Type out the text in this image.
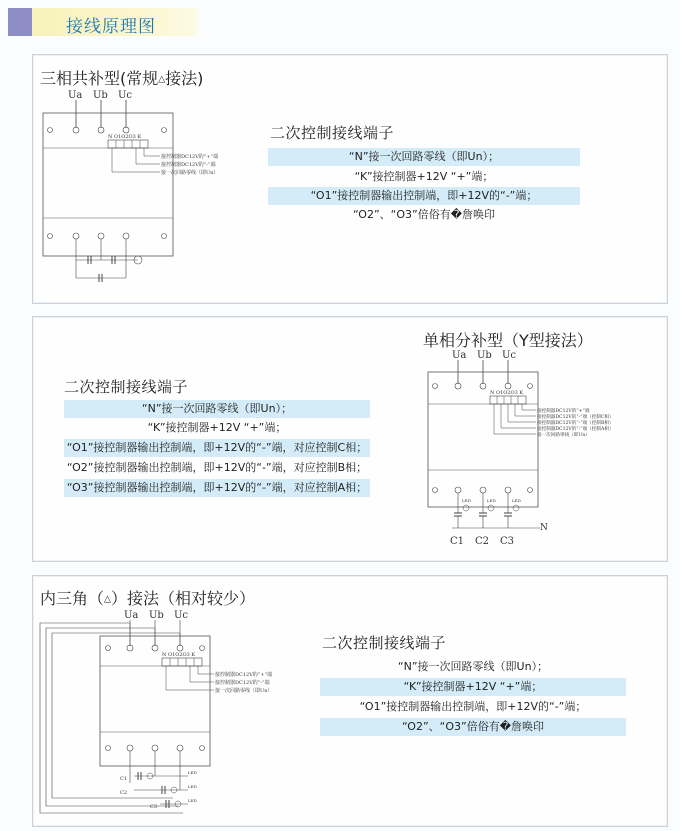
接线原理图
三相共补型(常规△接法)
Ua Ub Uc
N O1O2O3 K
接控制器DC12V的“+”端
接控制器DC12V的“-”端
接一次回路零线（即Un）
二次控制接线端子
“N”接一次回路零线（即Un）；
“K”接控制器+12V “+”端；
“O1”接控制器输出控制端，即+12V的“-”端；
“O2”、“O3”倍俗有�詹唤印
单相分补型（Y型接法）
Ua Ub Uc
N O1O2O3 K
接控制器DC12V的“+”端
接控制器DC12V的“-”端（控制C相）
接控制器DC12V的“-”端（控制B相）
接控制器DC12V的“-”端（控制A相）
接一次回路零线（即Un）
LED	LED	LED
N
C1 C2 C3
二次控制接线端子
“N”接一次回路零线（即Un）；
“K”接控制器+12V “+”端；
“O1”接控制器输出控制端，即+12V的“-”端，对应控制C相；
“O2”接控制器输出控制端，即+12V的“-”端，对应控制B相；
“O3”接控制器输出控制端，即+12V的“-”端，对应控制A相；
内三角（△）接法（相对较少）
Ua Ub Uc
N O1O2O3 K
接控制器DC12V的“+”端
接控制器DC12V的“-”端
接一次回路零线（即Un）
C1
C2
C3
LED
LED
LED
二次控制接线端子
“N”接一次回路零线（即Un）；
“K”接控制器+12V “+”端；
“O1”接控制器输出控制端，即+12V的“-”端；
“O2”、“O3”倍俗有�詹唤印
